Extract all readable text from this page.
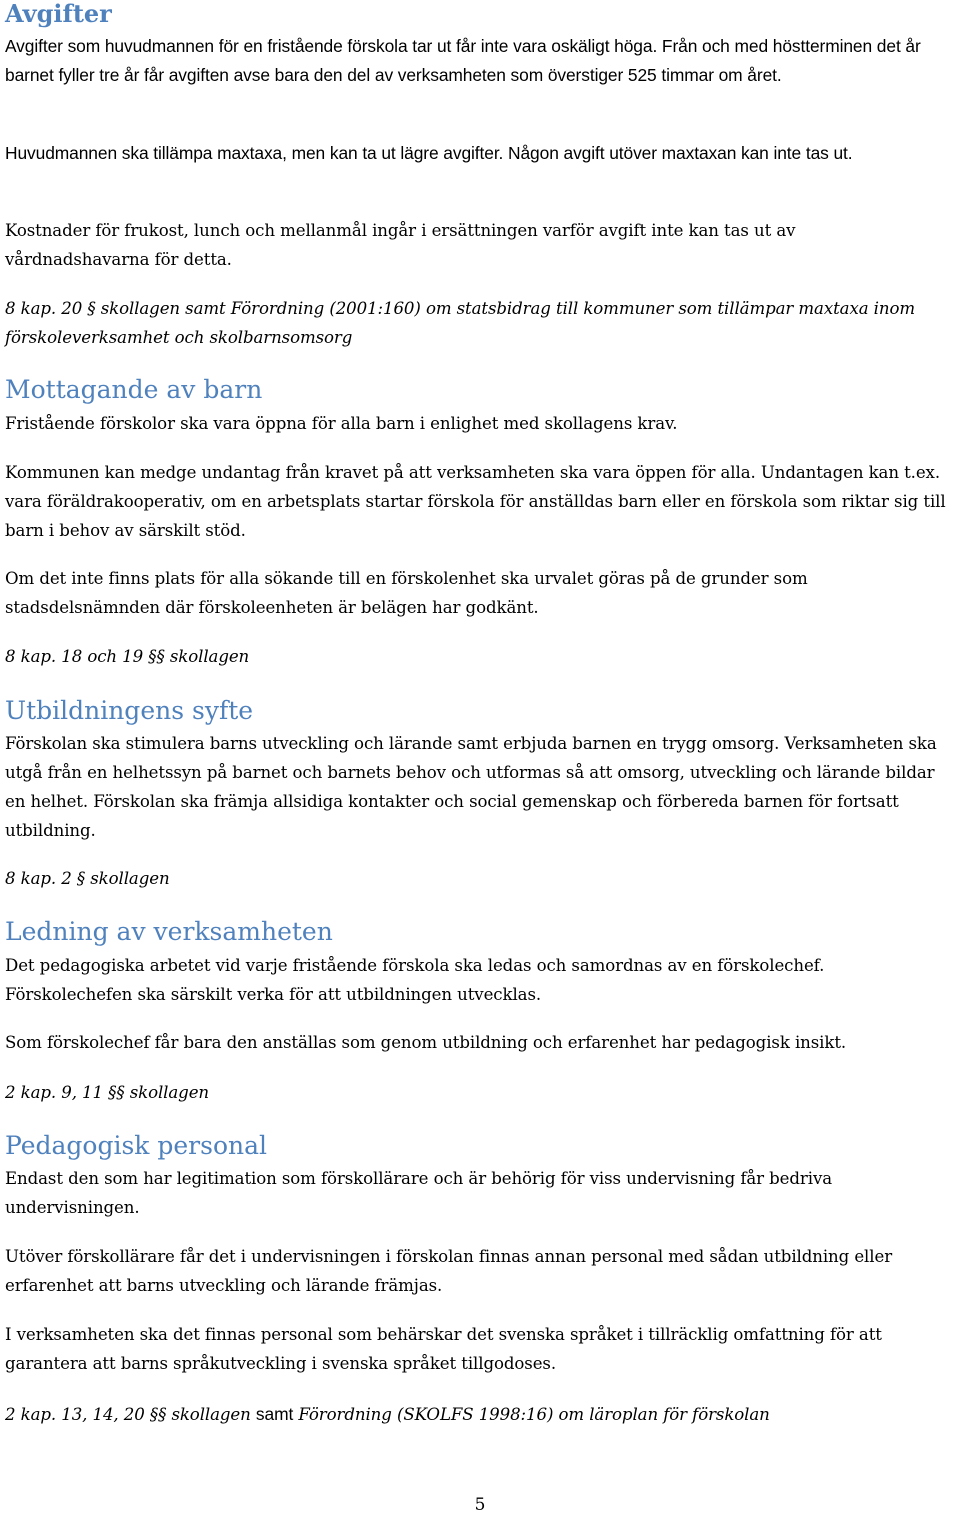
Avgifter

Avgifter som huvudmannen för en fristående förskola tar ut får inte vara oskäligt höga. Från och med höstterminen det år barnet fyller tre år får avgiften avse bara den del av verksamheten som överstiger 525 timmar om året.

Huvudmannen ska tillämpa maxtaxa, men kan ta ut lägre avgifter. Någon avgift utöver maxtaxan kan inte tas ut.

Kostnader för frukost, lunch och mellanmål ingår i ersättningen varför avgift inte kan tas ut av vårdnadshavarna för detta.

8 kap. 20 § skollagen samt Förordning (2001:160) om statsbidrag till kommuner som tillämpar maxtaxa inom förskoleverksamhet och skolbarnsomsorg

Mottagande av barn

Fristående förskolor ska vara öppna för alla barn i enlighet med skollagens krav.

Kommunen kan medge undantag från kravet på att verksamheten ska vara öppen för alla. Undantagen kan t.ex. vara föräldrakooperativ, om en arbetsplats startar förskola för anställdas barn eller en förskola som riktar sig till barn i behov av särskilt stöd.

Om det inte finns plats för alla sökande till en förskolenhet ska urvalet göras på de grunder som stadsdelsnämnden där förskoleenheten är belägen har godkänt.

8 kap. 18 och 19 §§ skollagen

Utbildningens syfte

Förskolan ska stimulera barns utveckling och lärande samt erbjuda barnen en trygg omsorg. Verksamheten ska utgå från en helhetssyn på barnet och barnets behov och utformas så att omsorg, utveckling och lärande bildar en helhet. Förskolan ska främja allsidiga kontakter och social gemenskap och förbereda barnen för fortsatt utbildning.

8 kap. 2 § skollagen

Ledning av verksamheten

Det pedagogiska arbetet vid varje fristående förskola ska ledas och samordnas av en förskolechef. Förskolechefen ska särskilt verka för att utbildningen utvecklas.

Som förskolechef får bara den anställas som genom utbildning och erfarenhet har pedagogisk insikt.

2 kap. 9, 11 §§ skollagen

Pedagogisk personal

Endast den som har legitimation som förskollärare och är behörig för viss undervisning får bedriva undervisningen.

Utöver förskollärare får det i undervisningen i förskolan finnas annan personal med sådan utbildning eller erfarenhet att barns utveckling och lärande främjas.

I verksamheten ska det finnas personal som behärskar det svenska språket i tillräcklig omfattning för att garantera att barns språkutveckling i svenska språket tillgodoses.

2 kap. 13, 14, 20 §§ skollagen samt Förordning (SKOLFS 1998:16) om läroplan för förskolan

5
